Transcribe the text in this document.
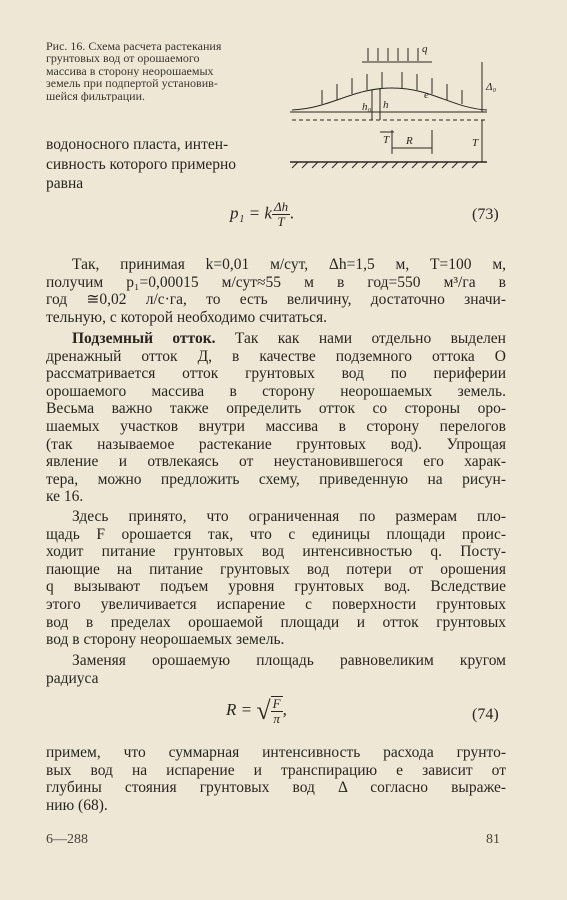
Рис. 16. Схема расчета растекания
грунтовых вод от орошаемого
массива в сторону неорошаемых
земель при подпертой установив-
шейся фильтрации.
q
e
h₀ h
Δ₀
T R	T
водоносного пласта, интен-
сивность которого примерно
равна
p₁ = k $\frac{\Delta h}{T}$ .	(73)
Так, принимая k=0,01 м/сут, Δh=1,5 м, T=100 м,
получим p₁=0,00015 м/сут≈55 м в год=550 м³/га в
год ≅0,02 л/с·га, то есть величину, достаточно значи-
тельную, с которой необходимо считаться.
Подземный отток. Так как нами отдельно выделен
дренажный отток Д, в качестве подземного оттока O
рассматривается отток грунтовых вод по периферии
орошаемого массива в сторону неорошаемых земель.
Весьма важно также определить отток со стороны оро-
шаемых участков внутри массива в сторону перелогов
(так называемое растекание грунтовых вод). Упрощая
явление и отвлекаясь от неустановившегося его харак-
тера, можно предложить схему, приведенную на рисун-
ке 16.
Здесь принято, что ограниченная по размерам пло-
щадь F орошается так, что с единицы площади проис-
ходит питание грунтовых вод интенсивностью q. Посту-
пающие на питание грунтовых вод потери от орошения
q вызывают подъем уровня грунтовых вод. Вследствие
этого увеличивается испарение с поверхности грунтовых
вод в пределах орошаемой площади и отток грунтовых
вод в сторону неорошаемых земель.
Заменяя орошаемую площадь равновеликим кругом
радиуса
R = √ $\frac{F}{\pi}$ ,	(74)
примем, что суммарная интенсивность расхода грунто-
вых вод на испарение и транспирацию e зависит от
глубины стояния грунтовых вод Δ согласно выраже-
нию (68).
6—288	81
